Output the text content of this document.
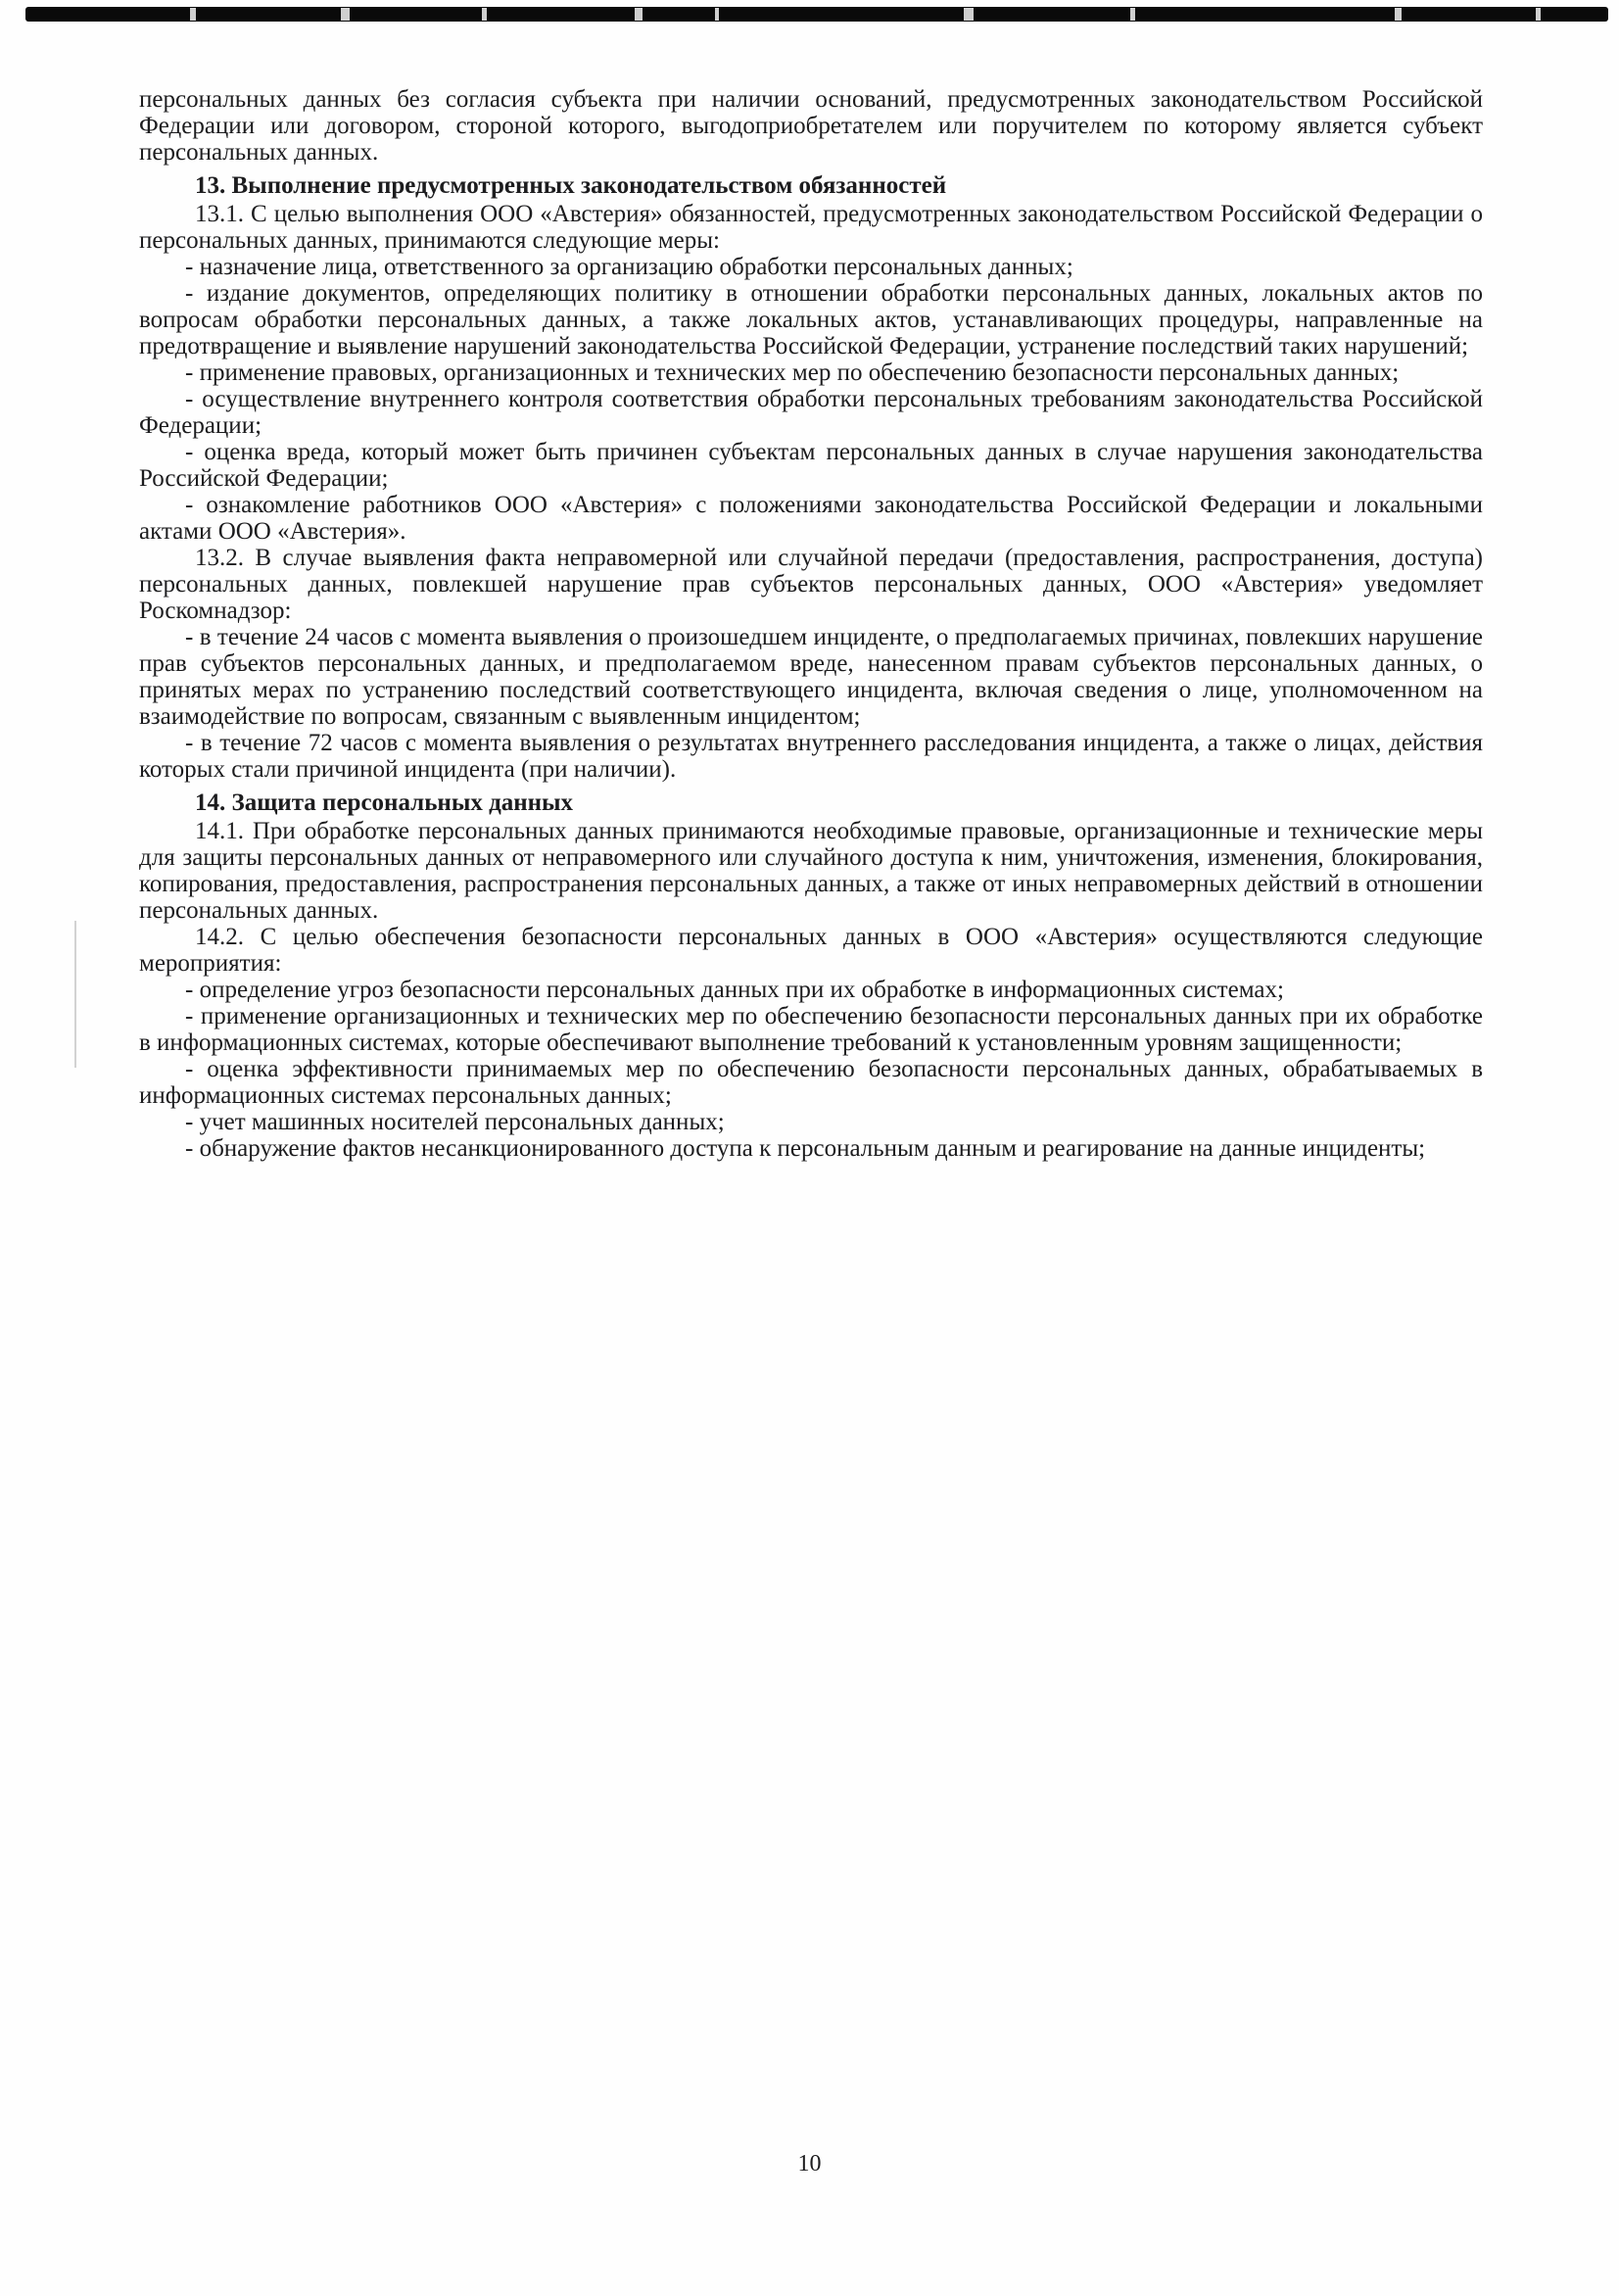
персональных данных без согласия субъекта при наличии оснований, предусмотренных законодательством Российской Федерации или договором, стороной которого, выгодоприобретателем или поручителем по которому является субъект персональных данных.

13. Выполнение предусмотренных законодательством обязанностей

13.1. С целью выполнения ООО «Австерия» обязанностей, предусмотренных законодательством Российской Федерации о персональных данных, принимаются следующие меры:

- назначение лица, ответственного за организацию обработки персональных данных;

- издание документов, определяющих политику в отношении обработки персональных данных, локальных актов по вопросам обработки персональных данных, а также локальных актов, устанавливающих процедуры, направленные на предотвращение и выявление нарушений законодательства Российской Федерации, устранение последствий таких нарушений;

- применение правовых, организационных и технических мер по обеспечению безопасности персональных данных;

- осуществление внутреннего контроля соответствия обработки персональных требованиям законодательства Российской Федерации;

- оценка вреда, который может быть причинен субъектам персональных данных в случае нарушения законодательства Российской Федерации;

- ознакомление работников ООО «Австерия» с положениями законодательства Российской Федерации и локальными актами ООО «Австерия».

13.2. В случае выявления факта неправомерной или случайной передачи (предоставления, распространения, доступа) персональных данных, повлекшей нарушение прав субъектов персональных данных, ООО «Австерия» уведомляет Роскомнадзор:

- в течение 24 часов с момента выявления о произошедшем инциденте, о предполагаемых причинах, повлекших нарушение прав субъектов персональных данных, и предполагаемом вреде, нанесенном правам субъектов персональных данных, о принятых мерах по устранению последствий соответствующего инцидента, включая сведения о лице, уполномоченном на взаимодействие по вопросам, связанным с выявленным инцидентом;

- в течение 72 часов с момента выявления о результатах внутреннего расследования инцидента, а также о лицах, действия которых стали причиной инцидента (при наличии).

14. Защита персональных данных

14.1. При обработке персональных данных принимаются необходимые правовые, организационные и технические меры для защиты персональных данных от неправомерного или случайного доступа к ним, уничтожения, изменения, блокирования, копирования, предоставления, распространения персональных данных, а также от иных неправомерных действий в отношении персональных данных.

14.2. С целью обеспечения безопасности персональных данных в ООО «Австерия» осуществляются следующие мероприятия:

- определение угроз безопасности персональных данных при их обработке в информационных системах;

- применение организационных и технических мер по обеспечению безопасности персональных данных при их обработке в информационных системах, которые обеспечивают выполнение требований к установленным уровням защищенности;

- оценка эффективности принимаемых мер по обеспечению безопасности персональных данных, обрабатываемых в информационных системах персональных данных;

- учет машинных носителей персональных данных;

- обнаружение фактов несанкционированного доступа к персональным данным и реагирование на данные инциденты;

10
